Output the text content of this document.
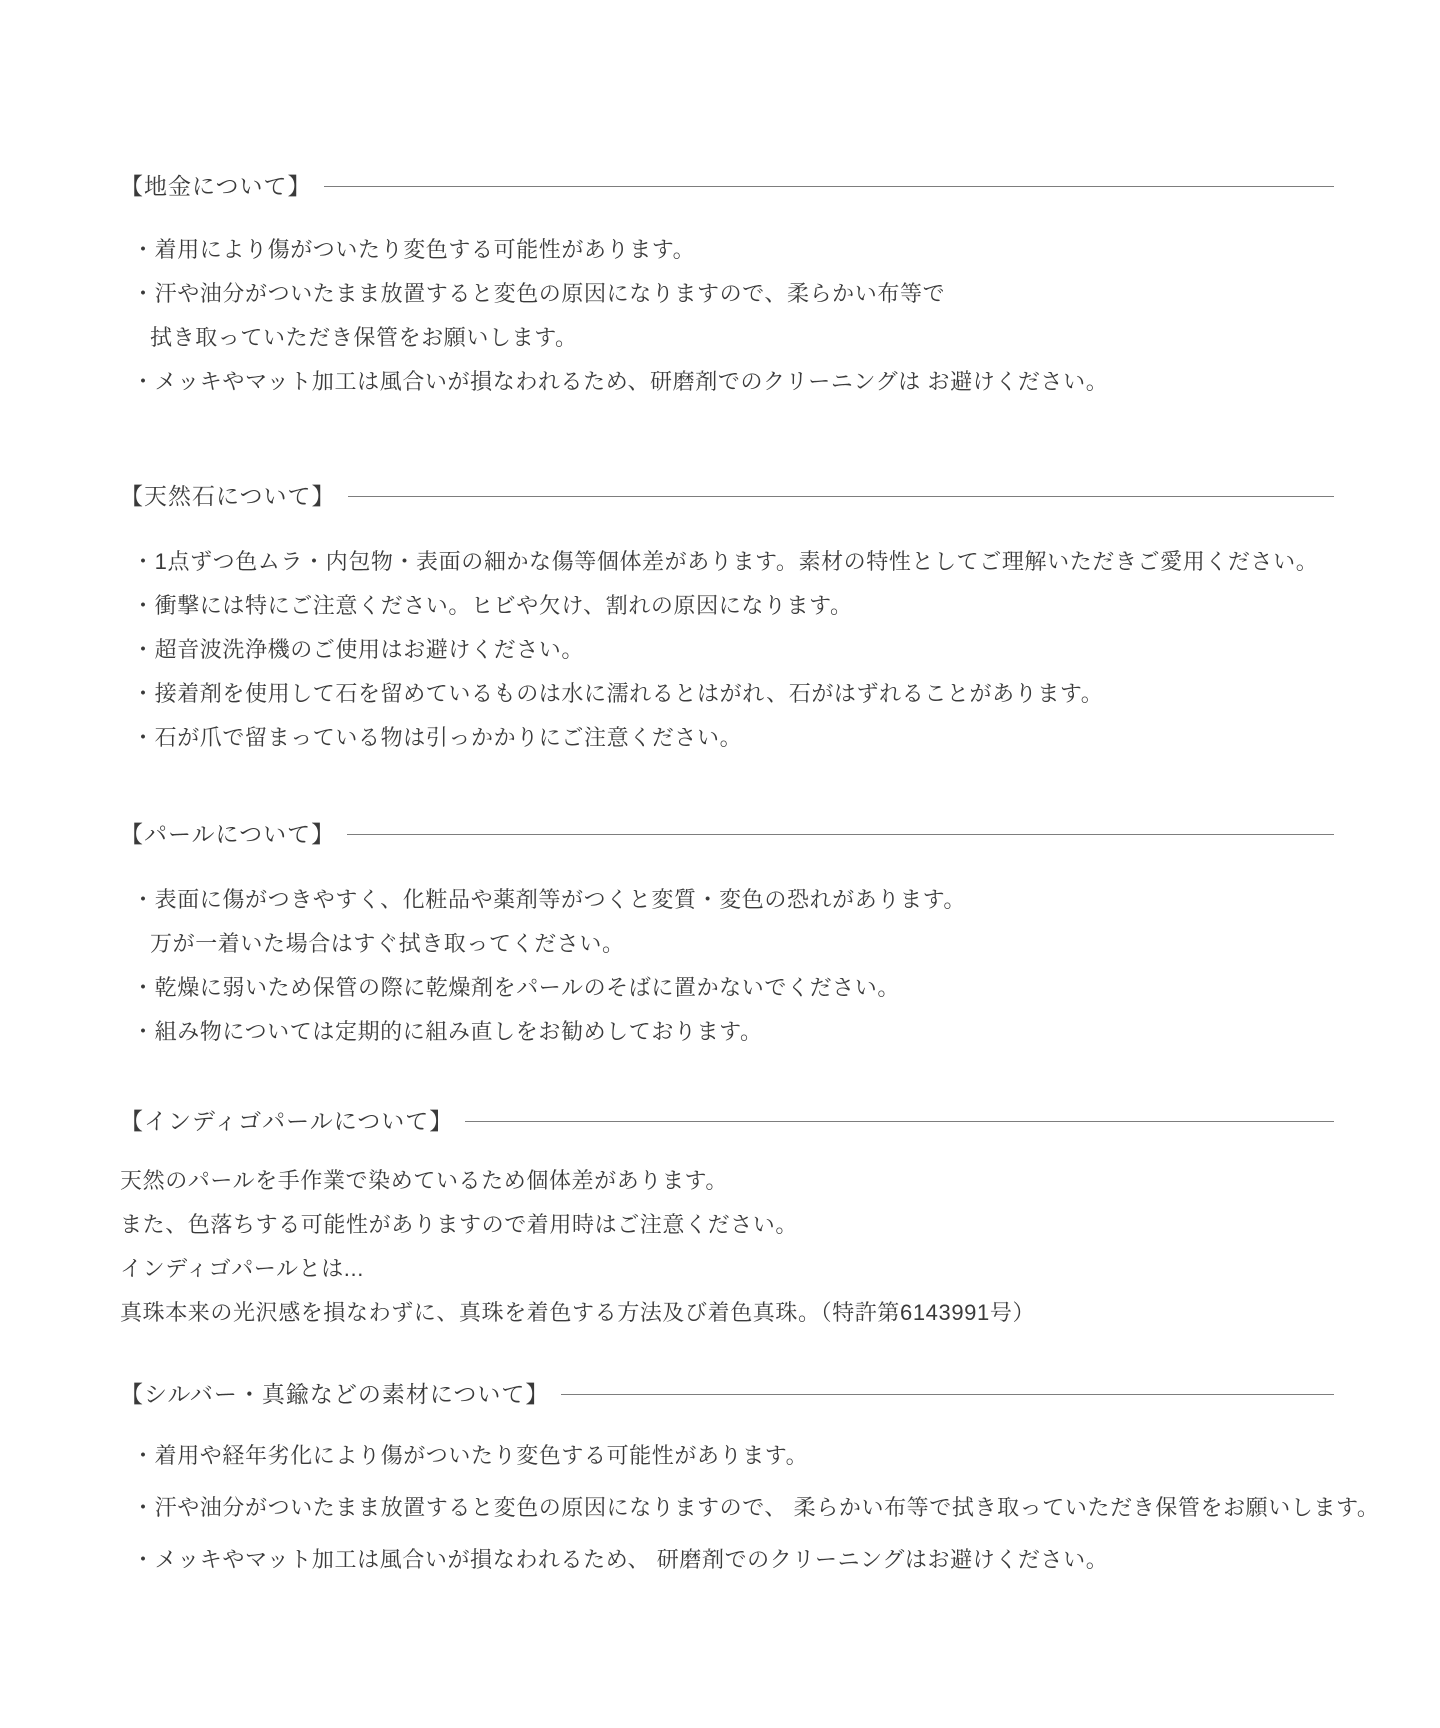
【地金について】
・ 着用により傷がついたり変色する可能性があります。
・ 汗や油分がついたまま放置すると変色の原因になりますので、柔らかい布等で
拭き取っていただき保管をお願いします。
・ メッキやマット加工は風合いが損なわれるため、研磨剤でのクリーニングは お避けください。
【天然石について】
・ 1点ずつ色ムラ・内包物・表面の細かな傷等個体差があります。素材の特性としてご理解いただきご愛用ください。
・ 衝撃には特にご注意ください。ヒビや欠け、割れの原因になります。
・ 超音波洗浄機のご使用はお避けください。
・ 接着剤を使用して石を留めているものは水に濡れるとはがれ、石がはずれることがあります。
・ 石が爪で留まっている物は引っかかりにご注意ください。
【パールについて】
・ 表面に傷がつきやすく、化粧品や薬剤等がつくと変質・変色の恐れがあります。
万が一着いた場合はすぐ拭き取ってください。
・ 乾燥に弱いため保管の際に乾燥剤をパールのそばに置かないでください。
・ 組み物については定期的に組み直しをお勧めしております。
【インディゴパールについて】
天然のパールを手作業で染めているため個体差があります。
また、色落ちする可能性がありますので着用時はご注意ください。
インディゴパールとは...
真珠本来の光沢感を損なわずに、真珠を着色する方法及び着色真珠。（特許第6143991号）
【シルバー・真鍮などの素材について】
・ 着用や経年劣化により傷がついたり変色する可能性があります。
・ 汗や油分がついたまま放置すると変色の原因になりますので、 柔らかい布等で拭き取っていただき保管をお願いします。
・ メッキやマット加工は風合いが損なわれるため、 研磨剤でのクリーニングはお避けください。
